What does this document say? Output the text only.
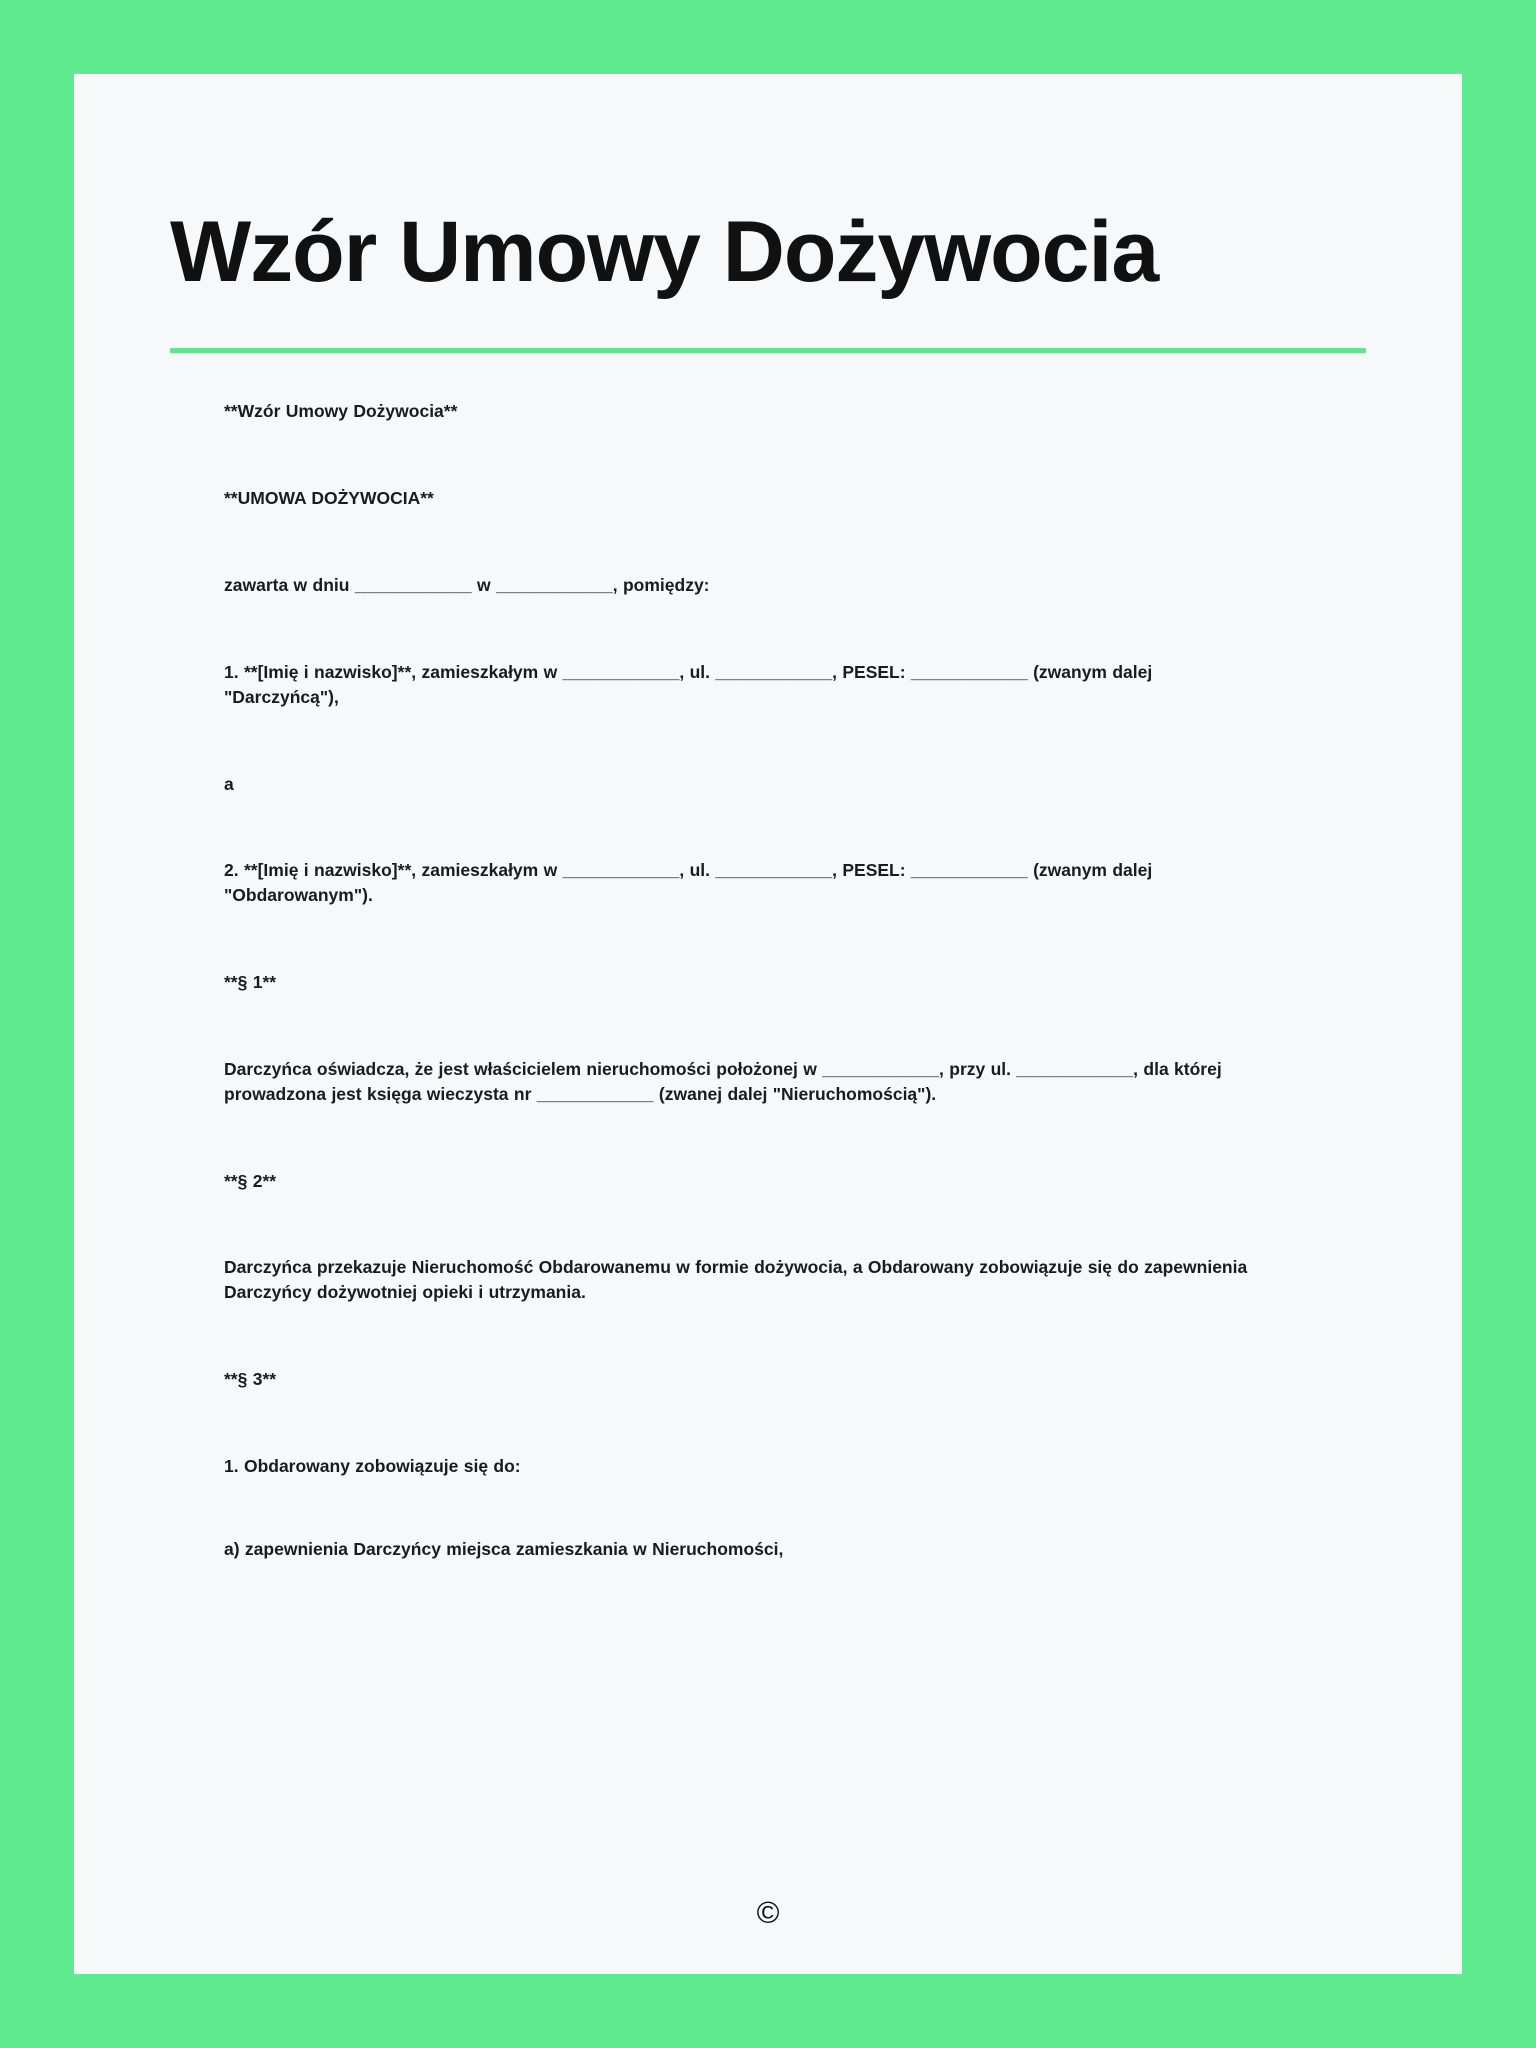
Wzór Umowy Dożywocia

**Wzór Umowy Dożywocia**

**UMOWA DOŻYWOCIA**

zawarta w dniu ____________ w ____________, pomiędzy:

1. **[Imię i nazwisko]**, zamieszkałym w ____________, ul. ____________, PESEL: ____________ (zwanym dalej "Darczyńcą"),

a

2. **[Imię i nazwisko]**, zamieszkałym w ____________, ul. ____________, PESEL: ____________ (zwanym dalej "Obdarowanym").

**§ 1**

Darczyńca oświadcza, że jest właścicielem nieruchomości położonej w ____________, przy ul. ____________, dla której prowadzona jest księga wieczysta nr ____________ (zwanej dalej "Nieruchomością").

**§ 2**

Darczyńca przekazuje Nieruchomość Obdarowanemu w formie dożywocia, a Obdarowany zobowiązuje się do zapewnienia Darczyńcy dożywotniej opieki i utrzymania.

**§ 3**

1. Obdarowany zobowiązuje się do:

a) zapewnienia Darczyńcy miejsca zamieszkania w Nieruchomości,

©
